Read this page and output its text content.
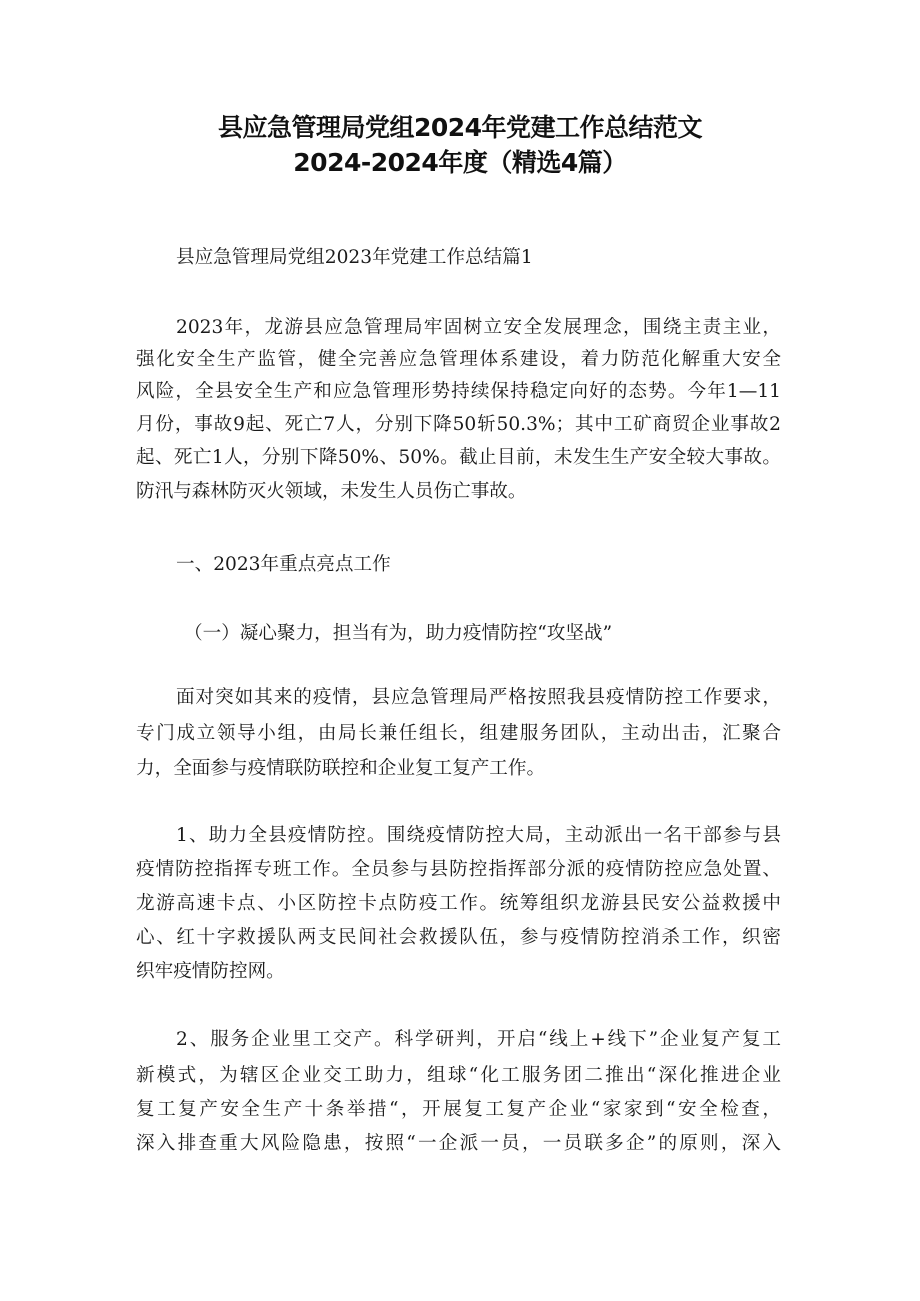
县应急管理局党组2024年党建工作总结范文
2024-2024年度（精选4篇）
县应急管理局党组2023年党建工作总结篇1
2023年，龙游县应急管理局牢固树立安全发展理念，围绕主责主业，
强化安全生产监管，健全完善应急管理体系建设，着力防范化解重大安全
风险，全县安全生产和应急管理形势持续保持稳定向好的态势。今年1—11
月份，事故9起、死亡7人，分别下降50斩50.3%；其中工矿商贸企业事故2
起、死亡1人，分别下降50%、50%。截止目前，未发生生产安全较大事故。
防汛与森林防灭火领域，未发生人员伤亡事故。
一、2023年重点亮点工作
（一）凝心聚力，担当有为，助力疫情防控“攻坚战”
面对突如其来的疫情，县应急管理局严格按照我县疫情防控工作要求，
专门成立领导小组，由局长兼任组长，组建服务团队，主动出击，汇聚合
力，全面参与疫情联防联控和企业复工复产工作。
1、助力全县疫情防控。围绕疫情防控大局，主动派出一名干部参与县
疫情防控指挥专班工作。全员参与县防控指挥部分派的疫情防控应急处置、
龙游高速卡点、小区防控卡点防疫工作。统筹组织龙游县民安公益救援中
心、红十字救援队两支民间社会救援队伍，参与疫情防控消杀工作，织密
织牢疫情防控网。
2、服务企业里工交产。科学研判，开启“线上+线下”企业复产复工
新模式，为辖区企业交工助力，组球“化工服务团二推出“深化推进企业
复工复产安全生产十条举措“，开展复工复产企业“家家到“安全检查，
深入排查重大风险隐患，按照“一企派一员，一员联多企”的原则，深入
